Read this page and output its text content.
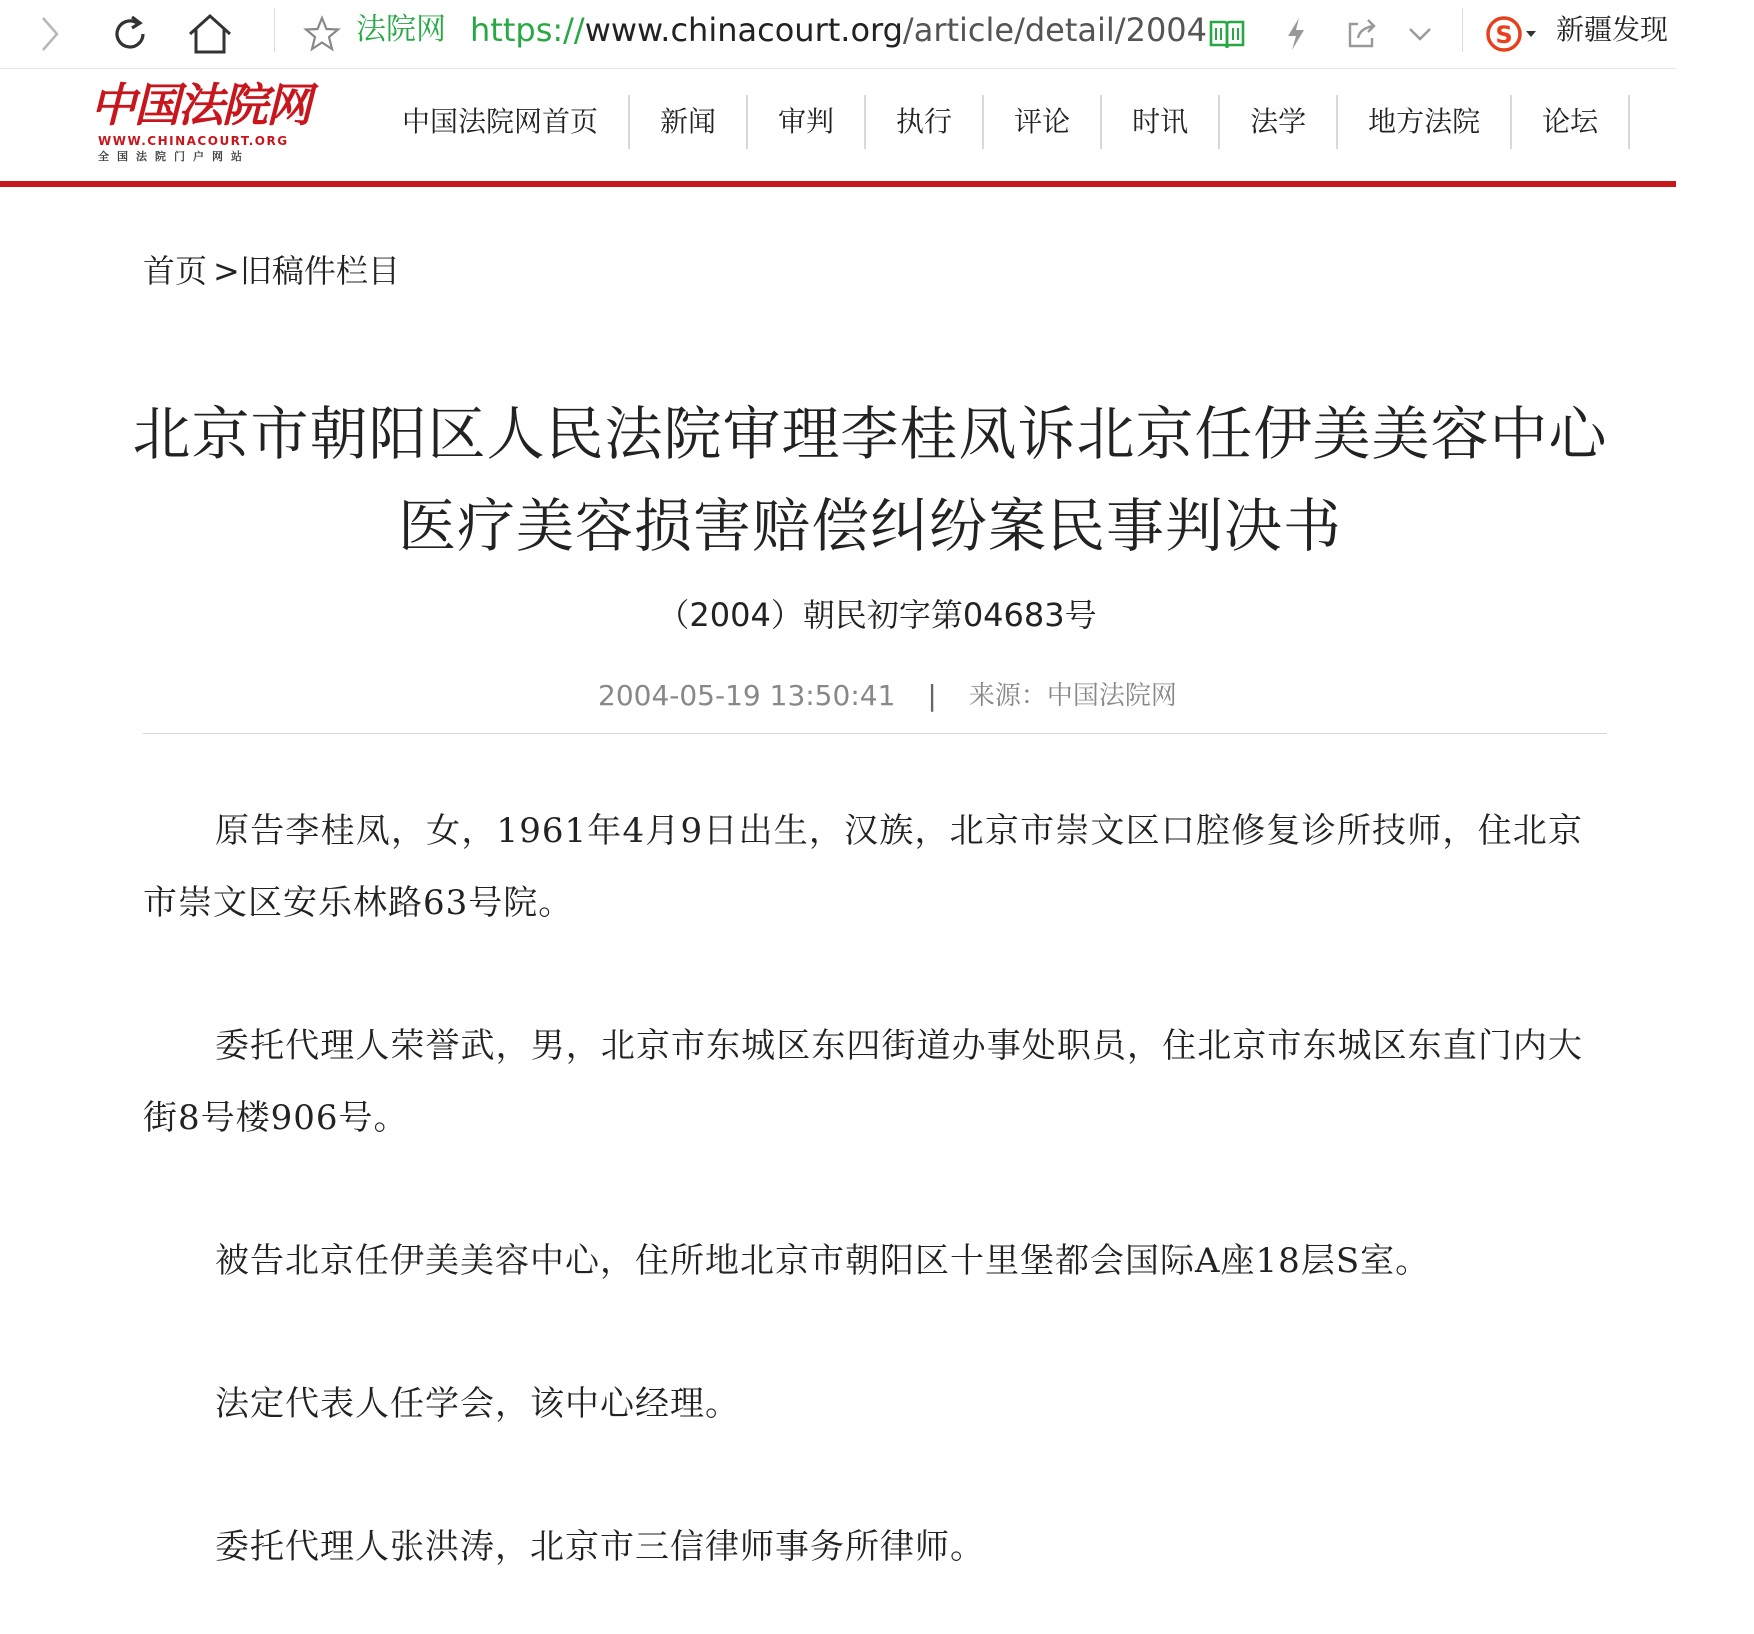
法院网 https://www.chinacourt.org/article/detail/2004	S 新疆发现
中国法院网
WWW.CHINACOURT.ORG
全国法院门户网站
中国法院网首页	新闻	审判	执行	评论	时讯	法学	地方法院	论坛
首页 >旧稿件栏目
北京市朝阳区人民法院审理李桂凤诉北京任伊美美容中心
医疗美容损害赔偿纠纷案民事判决书
（2004）朝民初字第04683号
2004-05-19 13:50:41 | 来源：中国法院网

原告李桂凤，女，1961年4月9日出生，汉族，北京市崇文区口腔修复诊所技师，住北京市崇文区安乐林路63号院。

委托代理人荣誉武，男，北京市东城区东四街道办事处职员，住北京市东城区东直门内大街8号楼906号。

被告北京任伊美美容中心，住所地北京市朝阳区十里堡都会国际A座18层S室。

法定代表人任学会，该中心经理。

委托代理人张洪涛，北京市三信律师事务所律师。
